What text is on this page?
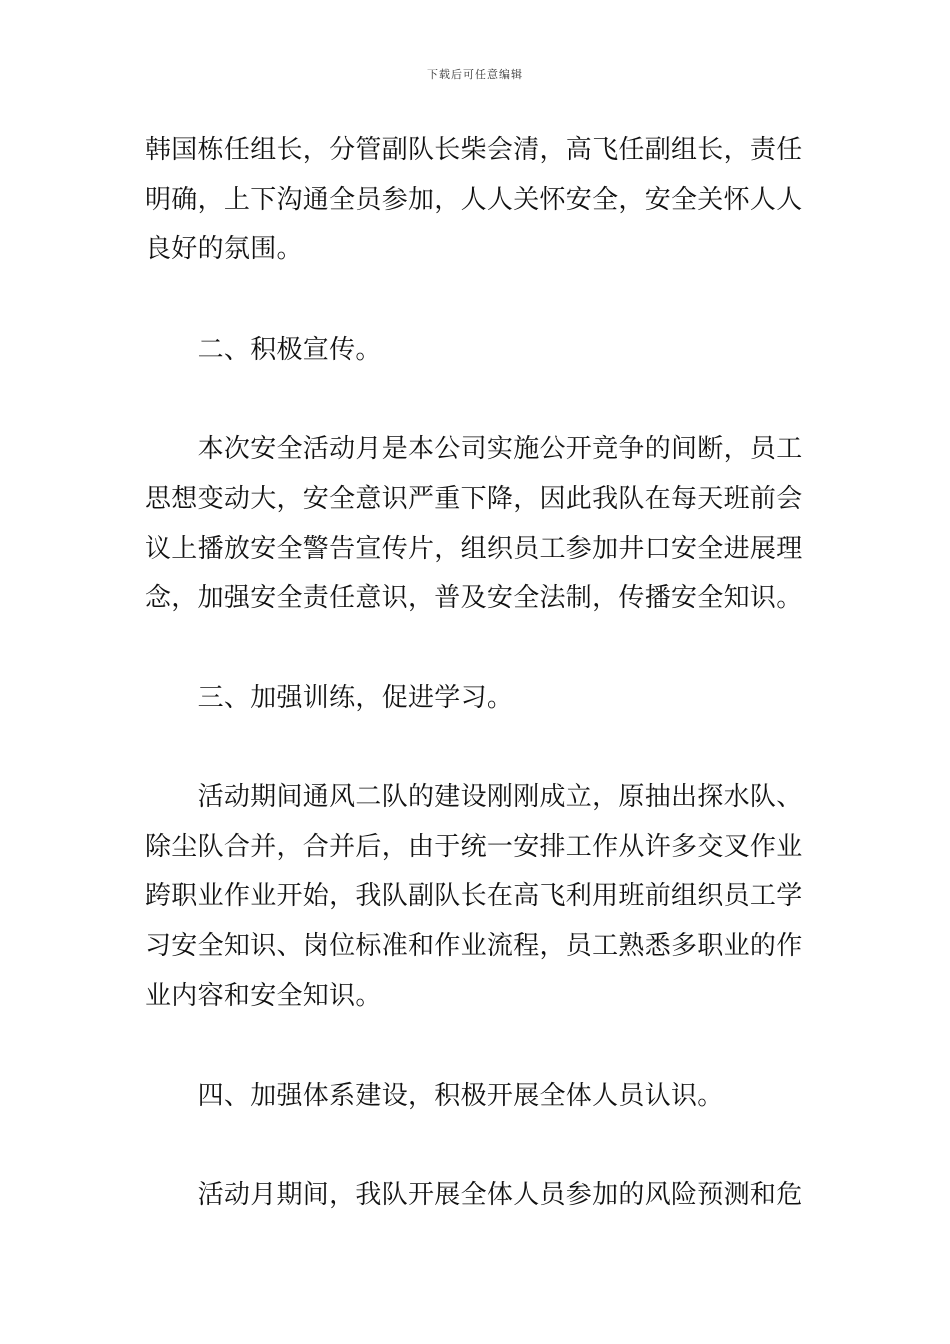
下载后可任意编辑
韩国栋任组长，分管副队长柴会清，高飞任副组长，责任
明确，上下沟通全员参加，人人关怀安全，安全关怀人人
良好的氛围。
　　二、积极宣传。
　　本次安全活动月是本公司实施公开竞争的间断，员工
思想变动大，安全意识严重下降，因此我队在每天班前会
议上播放安全警告宣传片，组织员工参加井口安全进展理
念，加强安全责任意识，普及安全法制，传播安全知识。
　　三、加强训练，促进学习。
　　活动期间通风二队的建设刚刚成立，原抽出探水队、
除尘队合并，合并后，由于统一安排工作从许多交叉作业
跨职业作业开始，我队副队长在高飞利用班前组织员工学
习安全知识、岗位标准和作业流程，员工熟悉多职业的作
业内容和安全知识。
　　四、加强体系建设，积极开展全体人员认识。
　　活动月期间，我队开展全体人员参加的风险预测和危
